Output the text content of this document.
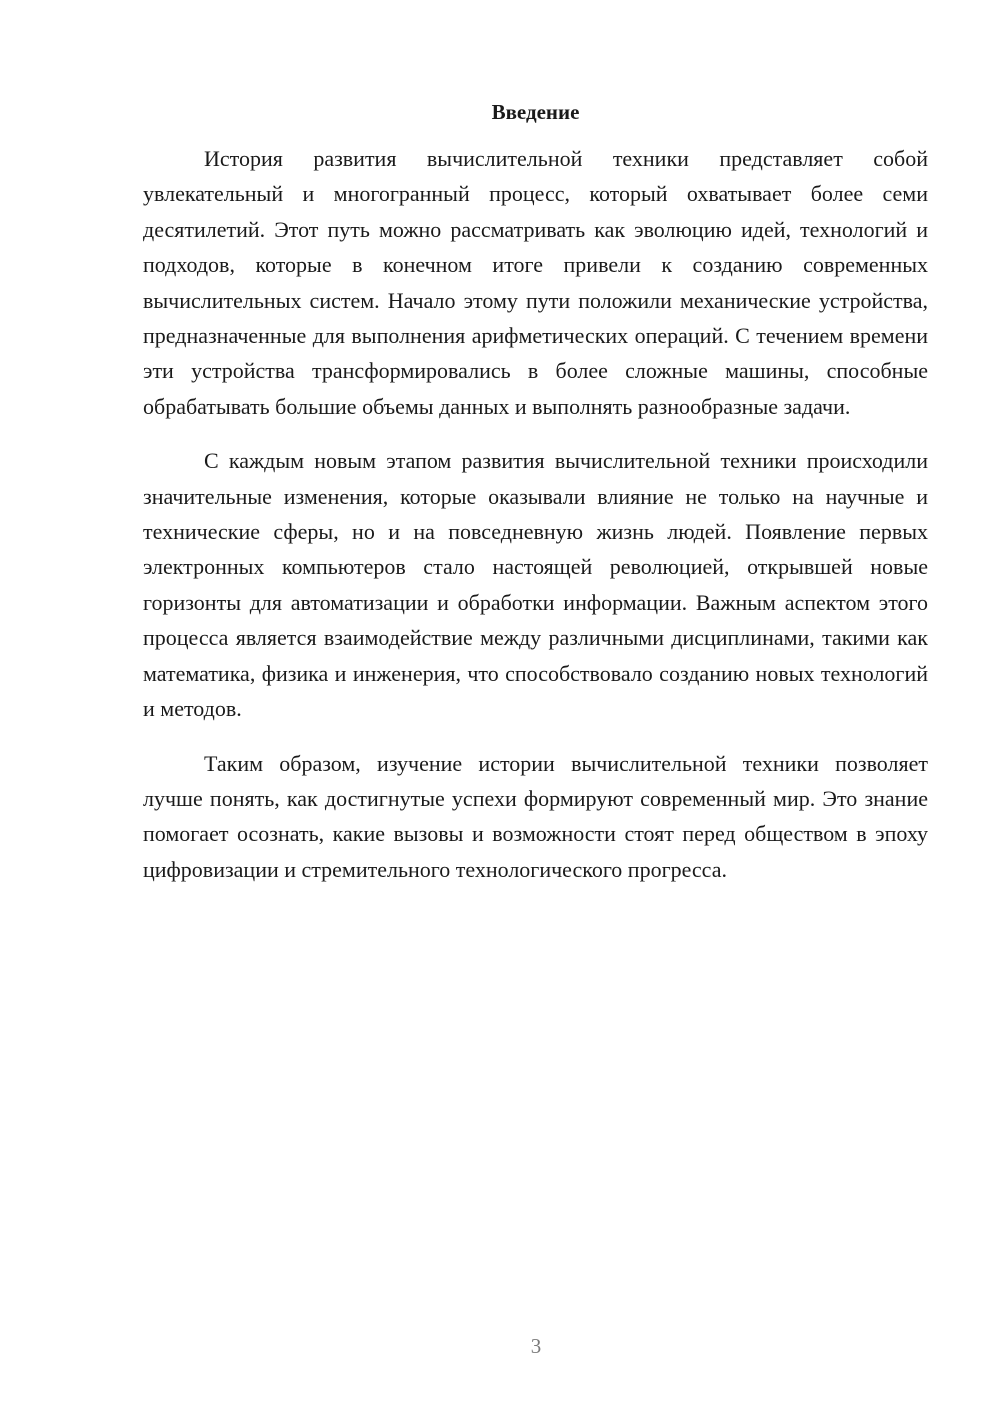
Введение

История развития вычислительной техники представляет собой увлекательный и многогранный процесс, который охватывает более семи десятилетий. Этот путь можно рассматривать как эволюцию идей, технологий и подходов, которые в конечном итоге привели к созданию современных вычислительных систем. Начало этому пути положили механические устройства, предназначенные для выполнения арифметических операций. С течением времени эти устройства трансформировались в более сложные машины, способные обрабатывать большие объемы данных и выполнять разнообразные задачи.

С каждым новым этапом развития вычислительной техники происходили значительные изменения, которые оказывали влияние не только на научные и технические сферы, но и на повседневную жизнь людей. Появление первых электронных компьютеров стало настоящей революцией, открывшей новые горизонты для автоматизации и обработки информации. Важным аспектом этого процесса является взаимодействие между различными дисциплинами, такими как математика, физика и инженерия, что способствовало созданию новых технологий и методов.

Таким образом, изучение истории вычислительной техники позволяет лучше понять, как достигнутые успехи формируют современный мир. Это знание помогает осознать, какие вызовы и возможности стоят перед обществом в эпоху цифровизации и стремительного технологического прогресса.

3
